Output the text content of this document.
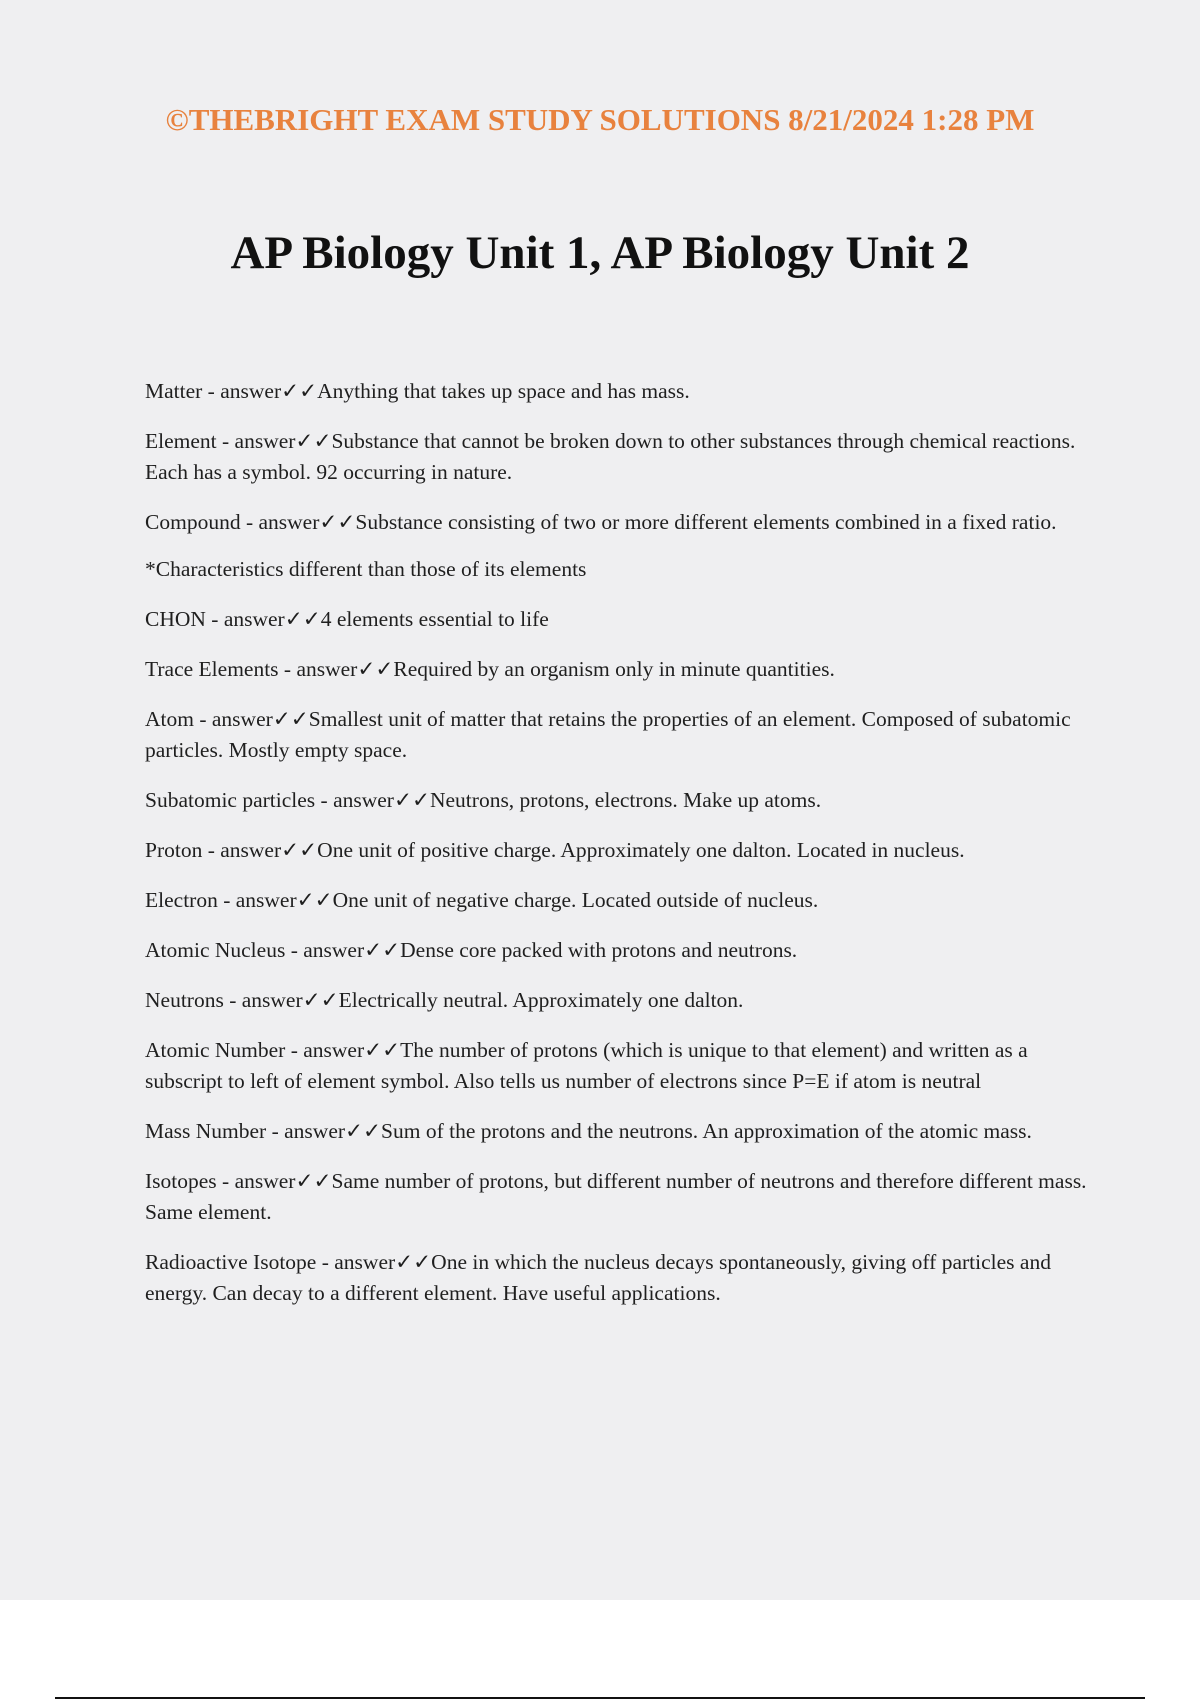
©THEBRIGHT EXAM STUDY SOLUTIONS 8/21/2024 1:28 PM

AP Biology Unit 1, AP Biology Unit 2
Matter - answer✓✓Anything that takes up space and has mass.
Element - answer✓✓Substance that cannot be broken down to other substances through chemical reactions. Each has a symbol. 92 occurring in nature.
Compound - answer✓✓Substance consisting of two or more different elements combined in a fixed ratio.
*Characteristics different than those of its elements
CHON - answer✓✓4 elements essential to life
Trace Elements - answer✓✓Required by an organism only in minute quantities.
Atom - answer✓✓Smallest unit of matter that retains the properties of an element. Composed of subatomic particles. Mostly empty space.
Subatomic particles - answer✓✓Neutrons, protons, electrons. Make up atoms.
Proton - answer✓✓One unit of positive charge. Approximately one dalton. Located in nucleus.
Electron - answer✓✓One unit of negative charge. Located outside of nucleus.
Atomic Nucleus - answer✓✓Dense core packed with protons and neutrons.
Neutrons - answer✓✓Electrically neutral. Approximately one dalton.
Atomic Number - answer✓✓The number of protons (which is unique to that element) and written as a subscript to left of element symbol. Also tells us number of electrons since P=E if atom is neutral
Mass Number - answer✓✓Sum of the protons and the neutrons. An approximation of the atomic mass.
Isotopes - answer✓✓Same number of protons, but different number of neutrons and therefore different mass. Same element.
Radioactive Isotope - answer✓✓One in which the nucleus decays spontaneously, giving off particles and energy. Can decay to a different element. Have useful applications.
